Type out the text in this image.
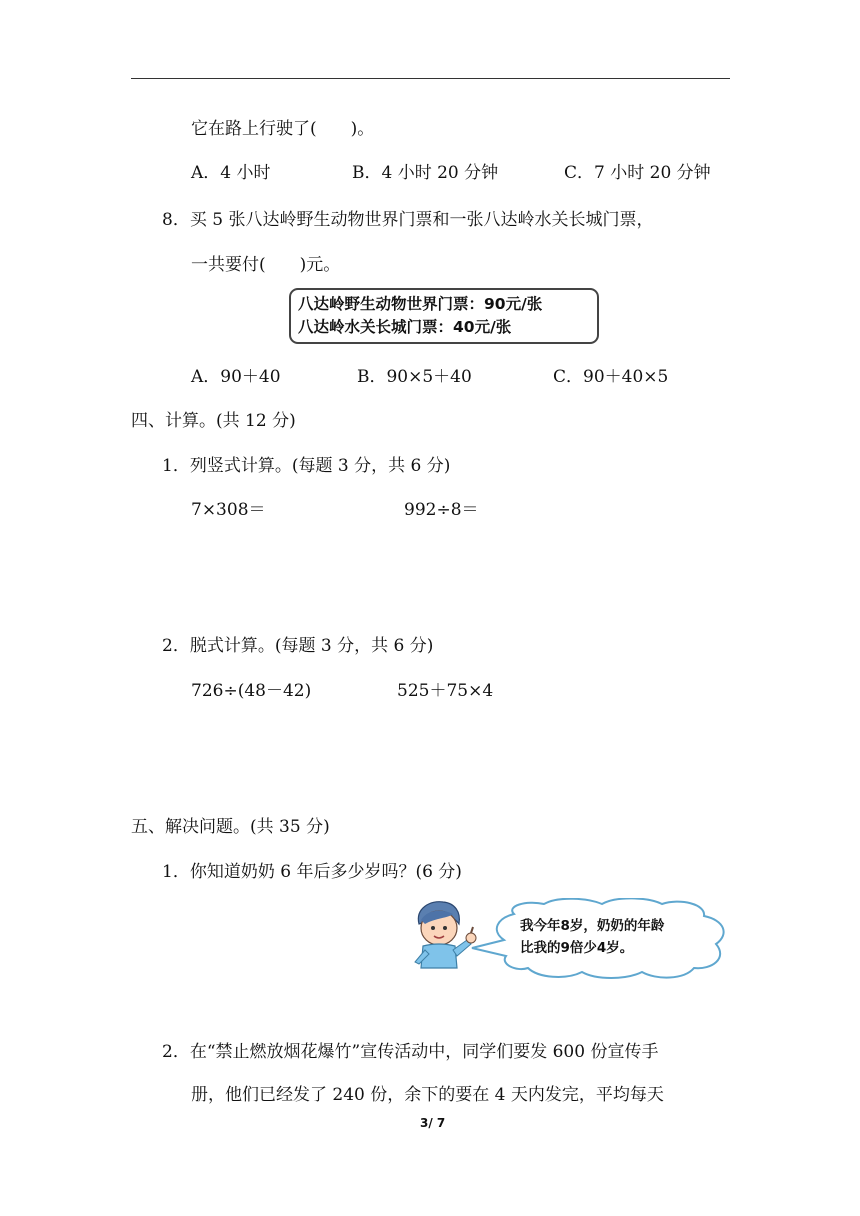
它在路上行驶了(　　)。
A．4 小时	B．4 小时 20 分钟	C．7 小时 20 分钟
8．买 5 张八达岭野生动物世界门票和一张八达岭水关长城门票，
一共要付(　　)元。
八达岭野生动物世界门票：90元/张
八达岭水关长城门票：40元/张
A．90＋40	B．90×5＋40	C．90＋40×5
四、计算。(共 12 分)
1．列竖式计算。(每题 3 分，共 6 分)
7×308＝	992÷8＝
2．脱式计算。(每题 3 分，共 6 分)
726÷(48－42)	525＋75×4
五、解决问题。(共 35 分)
1．你知道奶奶 6 年后多少岁吗？(6 分)
我今年8岁，奶奶的年龄
比我的9倍少4岁。
2．在“禁止燃放烟花爆竹”宣传活动中，同学们要发 600 份宣传手
册，他们已经发了 240 份，余下的要在 4 天内发完，平均每天
3/ 7
